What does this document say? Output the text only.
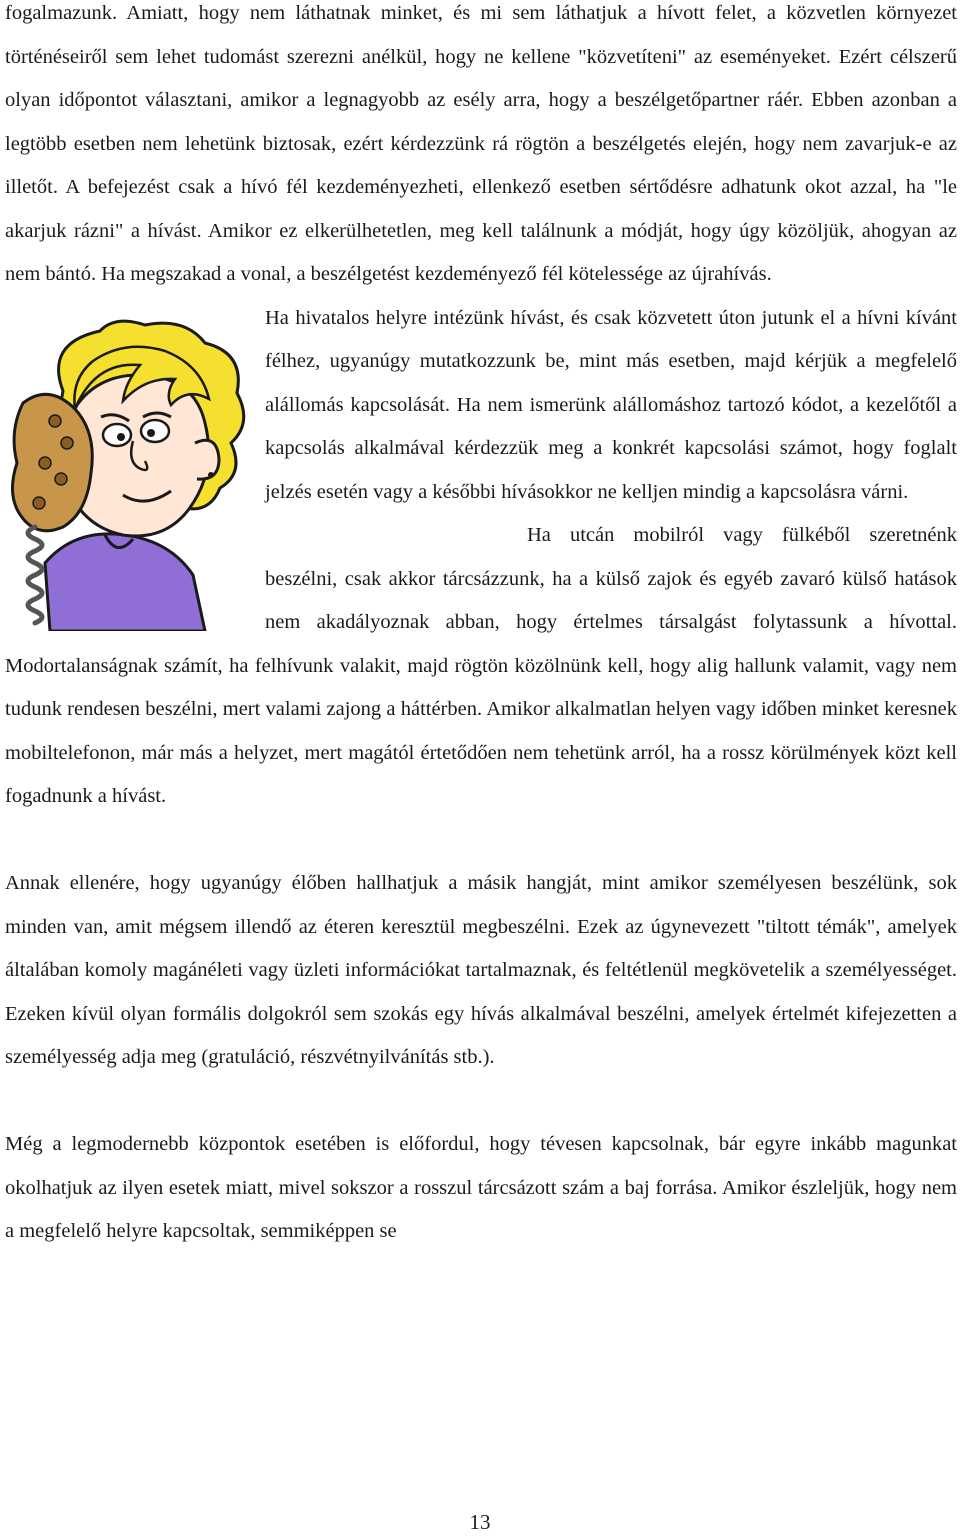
fogalmazunk. Amiatt, hogy nem láthatnak minket, és mi sem láthatjuk a hívott felet, a közvetlen környezet történéseiről sem lehet tudomást szerezni anélkül, hogy ne kellene "közvetíteni" az eseményeket. Ezért célszerű olyan időpontot választani, amikor a legnagyobb az esély arra, hogy a beszélgetőpartner ráér. Ebben azonban a legtöbb esetben nem lehetünk biztosak, ezért kérdezzünk rá rögtön a beszélgetés elején, hogy nem zavarjuk-e az illetőt. A befejezést csak a hívó fél kezdeményezheti, ellenkező esetben sértődésre adhatunk okot azzal, ha "le akarjuk rázni" a hívást. Amikor ez elkerülhetetlen, meg kell találnunk a módját, hogy úgy közöljük, ahogyan az nem bántó. Ha megszakad a vonal, a beszélgetést kezdeményező fél kötelessége az újrahívás.

Ha hivatalos helyre intézünk hívást, és csak közvetett úton jutunk el a hívni kívánt félhez, ugyanúgy mutatkozzunk be, mint más esetben, majd kérjük a megfelelő alállomás kapcsolását. Ha nem ismerünk alállomáshoz tartozó kódot, a kezelőtől a kapcsolás alkalmával kérdezzük meg a konkrét kapcsolási számot, hogy foglalt jelzés esetén vagy a későbbi hívásokkor ne kelljen mindig a kapcsolásra várni.

Ha utcán mobilról vagy fülkéből szeretnénk beszélni, csak akkor tárcsázzunk, ha a külső zajok és egyéb zavaró külső hatások nem akadályoznak abban, hogy értelmes társalgást folytassunk a hívottal. Modortalanságnak számít, ha felhívunk valakit, majd rögtön közölnünk kell, hogy alig hallunk valamit, vagy nem tudunk rendesen beszélni, mert valami zajong a háttérben. Amikor alkalmatlan helyen vagy időben minket keresnek mobiltelefonon, már más a helyzet, mert magától értetődően nem tehetünk arról, ha a rossz körülmények közt kell fogadnunk a hívást.

Annak ellenére, hogy ugyanúgy élőben hallhatjuk a másik hangját, mint amikor személyesen beszélünk, sok minden van, amit mégsem illendő az éteren keresztül megbeszélni. Ezek az úgynevezett "tiltott témák", amelyek általában komoly magánéleti vagy üzleti információkat tartalmaznak, és feltétlenül megkövetelik a személyességet. Ezeken kívül olyan formális dolgokról sem szokás egy hívás alkalmával beszélni, amelyek értelmét kifejezetten a személyesség adja meg (gratuláció, részvétnyilvánítás stb.).

Még a legmodernebb központok esetében is előfordul, hogy tévesen kapcsolnak, bár egyre inkább magunkat okolhatjuk az ilyen esetek miatt, mivel sokszor a rosszul tárcsázott szám a baj forrása. Amikor észleljük, hogy nem a megfelelő helyre kapcsoltak, semmiképpen se

13
